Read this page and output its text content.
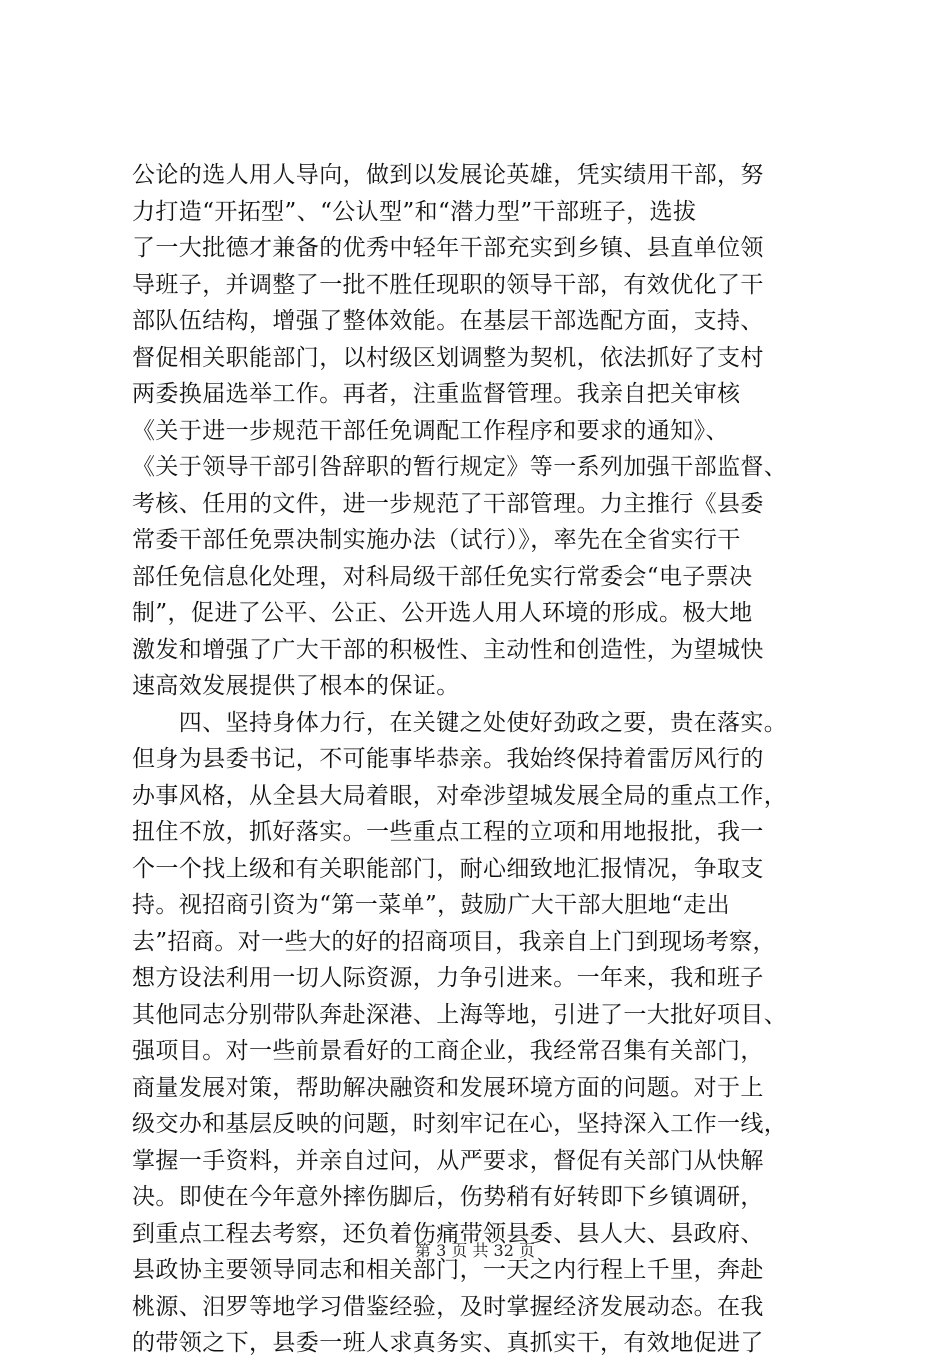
公论的选人用人导向，做到以发展论英雄，凭实绩用干部，努
力打造“开拓型”、“公认型”和“潜力型”干部班子，选拔
了一大批德才兼备的优秀中轻年干部充实到乡镇、县直单位领
导班子，并调整了一批不胜任现职的领导干部，有效优化了干
部队伍结构，增强了整体效能。在基层干部选配方面，支持、
督促相关职能部门，以村级区划调整为契机，依法抓好了支村
两委换届选举工作。再者，注重监督管理。我亲自把关审核
《关于进一步规范干部任免调配工作程序和要求的通知》、
《关于领导干部引咎辞职的暂行规定》等一系列加强干部监督、
考核、任用的文件，进一步规范了干部管理。力主推行《县委
常委干部任免票决制实施办法（试行）》，率先在全省实行干
部任免信息化处理，对科局级干部任免实行常委会“电子票决
制”，促进了公平、公正、公开选人用人环境的形成。极大地
激发和增强了广大干部的积极性、主动性和创造性，为望城快
速高效发展提供了根本的保证。
　　四、坚持身体力行，在关键之处使好劲政之要，贵在落实。
但身为县委书记，不可能事毕恭亲。我始终保持着雷厉风行的
办事风格，从全县大局着眼，对牵涉望城发展全局的重点工作，
扭住不放，抓好落实。一些重点工程的立项和用地报批，我一
个一个找上级和有关职能部门，耐心细致地汇报情况，争取支
持。视招商引资为“第一菜单”，鼓励广大干部大胆地“走出
去”招商。对一些大的好的招商项目，我亲自上门到现场考察，
想方设法利用一切人际资源，力争引进来。一年来，我和班子
其他同志分别带队奔赴深港、上海等地，引进了一大批好项目、
强项目。对一些前景看好的工商企业，我经常召集有关部门，
商量发展对策，帮助解决融资和发展环境方面的问题。对于上
级交办和基层反映的问题，时刻牢记在心，坚持深入工作一线，
掌握一手资料，并亲自过问，从严要求，督促有关部门从快解
决。即使在今年意外摔伤脚后，伤势稍有好转即下乡镇调研，
到重点工程去考察，还负着伤痛带领县委、县人大、县政府、
县政协主要领导同志和相关部门，一天之内行程上千里，奔赴
桃源、汨罗等地学习借鉴经验，及时掌握经济发展动态。在我
的带领之下，县委一班人求真务实、真抓实干，有效地促进了
第 3 页 共 32 页
